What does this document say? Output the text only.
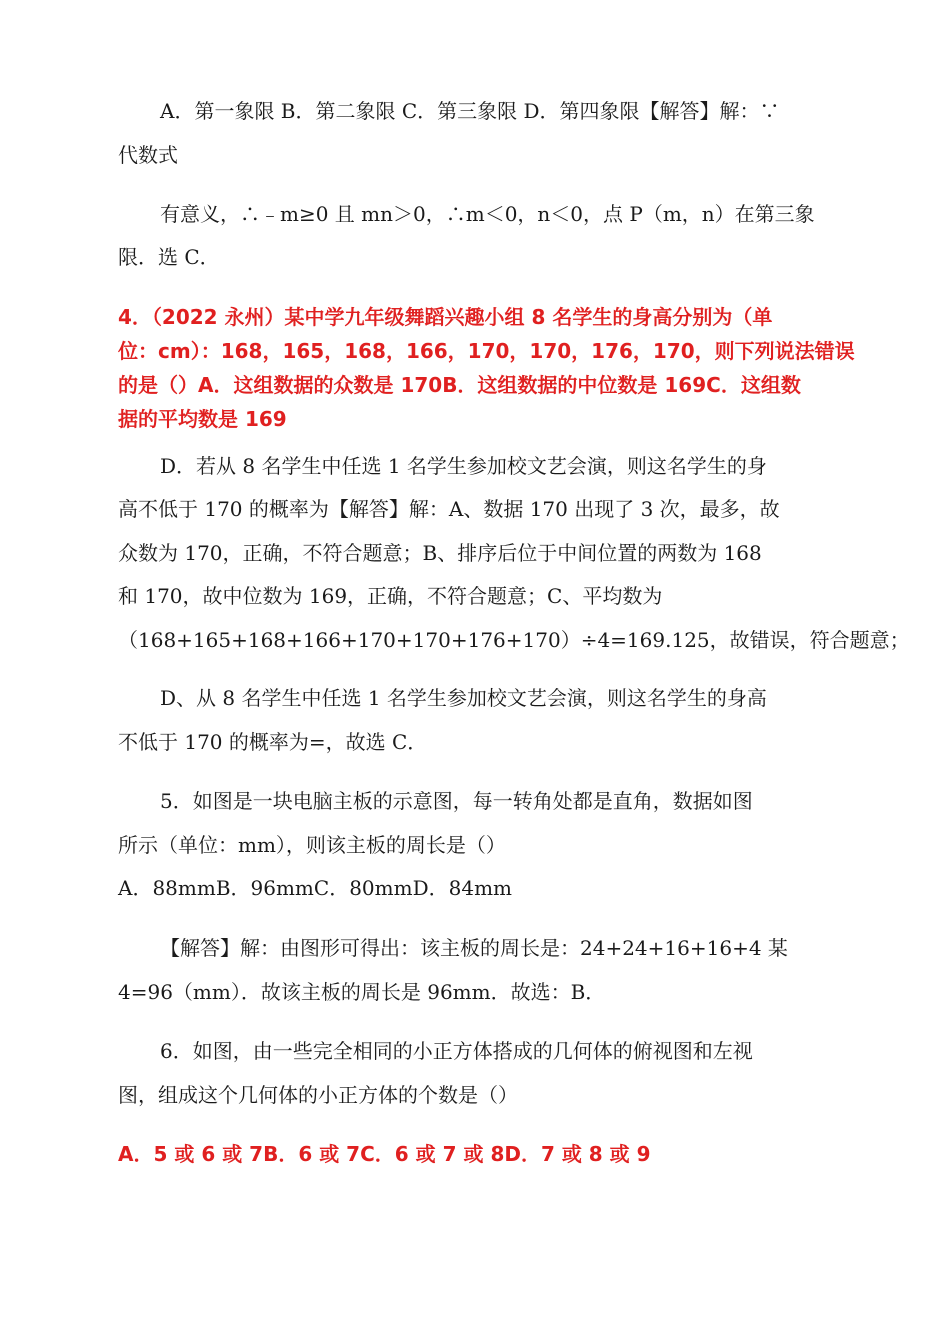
A．第一象限 B．第二象限 C．第三象限 D．第四象限【解答】解：∵
代数式
有意义，∴﹣m≥0 且 mn＞0，∴m＜0，n＜0，点 P（m，n）在第三象
限．选 C．
4．（2022 永州）某中学九年级舞蹈兴趣小组 8 名学生的身高分别为（单
位：cm）：168，165，168，166，170，170，176，170，则下列说法错误
的是（）A．这组数据的众数是 170B．这组数据的中位数是 169C．这组数
据的平均数是 169
D．若从 8 名学生中任选 1 名学生参加校文艺会演，则这名学生的身
高不低于 170 的概率为【解答】解：A、数据 170 出现了 3 次，最多，故
众数为 170，正确，不符合题意；B、排序后位于中间位置的两数为 168
和 170，故中位数为 169，正确，不符合题意；C、平均数为
（168+165+168+166+170+170+176+170）÷4=169.125，故错误，符合题意；
D、从 8 名学生中任选 1 名学生参加校文艺会演，则这名学生的身高
不低于 170 的概率为=，故选 C．
5．如图是一块电脑主板的示意图，每一转角处都是直角，数据如图
所示（单位：mm），则该主板的周长是（）
A．88mmB．96mmC．80mmD．84mm
【解答】解：由图形可得出：该主板的周长是：24+24+16+16+4 某
4=96（mm）．故该主板的周长是 96mm．故选：B．
6．如图，由一些完全相同的小正方体搭成的几何体的俯视图和左视
图，组成这个几何体的小正方体的个数是（）
A．5 或 6 或 7B．6 或 7C．6 或 7 或 8D．7 或 8 或 9
